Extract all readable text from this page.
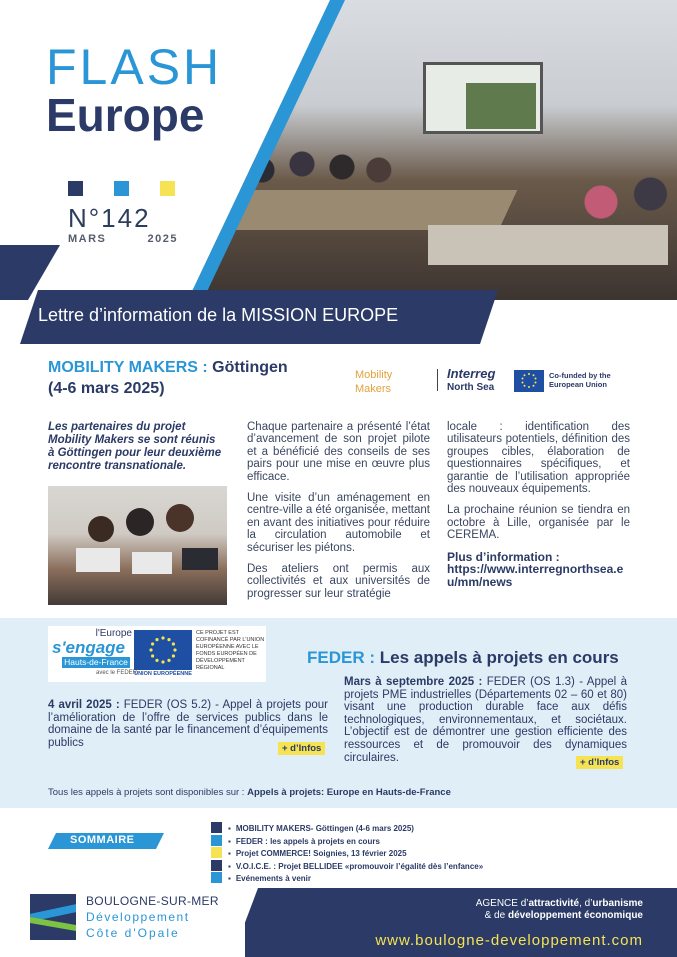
FLASH
Europe
N°142
MARS	2025
Lettre d’information de la MISSION EUROPE
MOBILITY MAKERS : Göttingen
(4-6 mars 2025)
Mobility
Makers
Interreg
North Sea
Co-funded by the European Union
Les partenaires du projet Mobility Makers se sont réunis à Göttingen pour leur deuxième rencontre transnationale.

Chaque partenaire a présenté l’état d’avancement de son projet pilote et a bénéficié des conseils de ses pairs pour une mise en œuvre plus efficace.

Une visite d’un aménagement en centre-ville a été organisée, mettant en avant des initiatives pour réduire la circulation automobile et sécuriser les piétons.

Des ateliers ont permis aux collectivités et aux universités de progresser sur leur stratégie

locale : identification des utilisateurs potentiels, définition des groupes cibles, élaboration de questionnaires spécifiques, et garantie de l’utilisation appropriée des nouveaux équipements.

La prochaine réunion se tiendra en octobre à Lille, organisée par le CEREMA.

Plus d’information :
https://www.interregnorthsea.eu/mm/news
l'Europe
s'engage
Hauts-de-France
avec le FEDER
UNION EUROPÉENNE
CE PROJET EST COFINANCÉ PAR L'UNION EUROPÉENNE AVEC LE FONDS EUROPÉEN DE DÉVELOPPEMENT RÉGIONAL
FEDER : Les appels à projets en cours
4 avril 2025 : FEDER (OS 5.2) - Appel à projets pour l’amélioration de l’offre de services publics dans le domaine de la santé par le financement d’équipements publics	+ d’Infos
Mars à septembre 2025 : FEDER (OS 1.3) - Appel à projets PME industrielles (Départements 02 – 60 et 80) visant une production durable face aux défis technologiques, environnementaux, et sociétaux. L’objectif est de démontrer une gestion efficiente des ressources et de promouvoir des dynamiques circulaires.	+ d’Infos
Tous les appels à projets sont disponibles sur : Appels à projets: Europe en Hauts-de-France
SOMMAIRE
▪ MOBILITY MAKERS- Göttingen (4-6 mars 2025)
▪ FEDER : les appels à projets en cours
▪ Projet COMMERCE! Soignies, 13 février 2025
▪ V.O.I.C.E. : Projet BELLIDEE «promouvoir l’égalité dès l’enfance»
▪ Evénements à venir
BOULOGNE-SUR-MER
Développement
Côte d'Opale
AGENCE d’attractivité, d’urbanisme
& de développement économique
www.boulogne-developpement.com
